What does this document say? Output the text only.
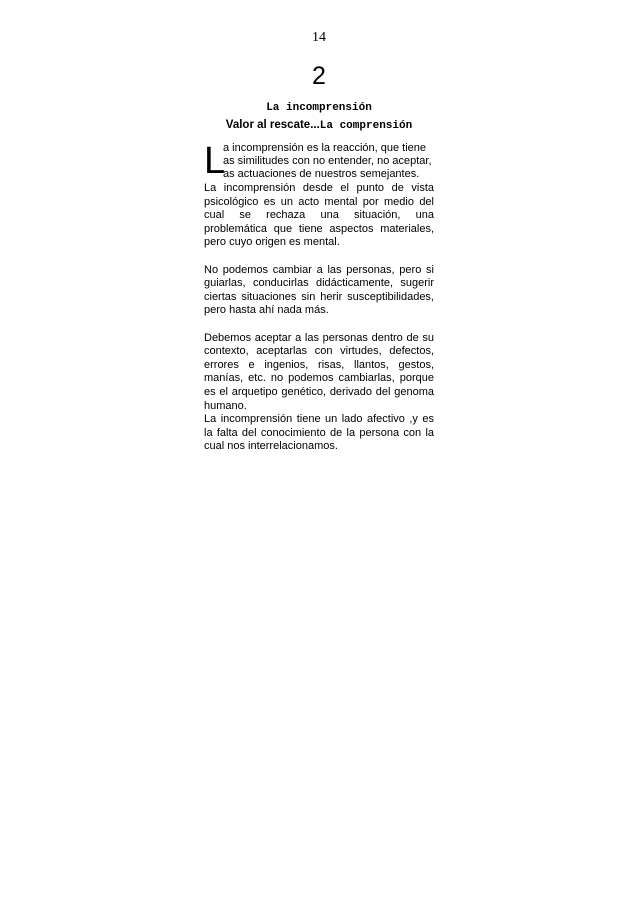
14
2
La incomprensión
Valor al rescate...La comprensión
L
a incomprensión es la reacción, que tiene
as similitudes con no entender, no aceptar,
as actuaciones de nuestros semejantes.

La incomprensión desde el punto de vista psicológico es un acto mental por medio del cual se rechaza una situación, una problemática que tiene aspectos materiales, pero cuyo origen es mental.

No podemos cambiar a las personas, pero si guiarlas, conducirlas didácticamente, sugerir ciertas situaciones sin herir susceptibilidades, pero hasta ahí nada más.

Debemos aceptar a las personas dentro de su contexto, aceptarlas con virtudes, defectos, errores e ingenios, risas, llantos, gestos, manías, etc. no podemos cambiarlas, porque es el arquetipo genético, derivado del genoma humano.

La incomprensión tiene un lado afectivo ,y es la falta del conocimiento de la persona con la cual nos interrelacionamos.
